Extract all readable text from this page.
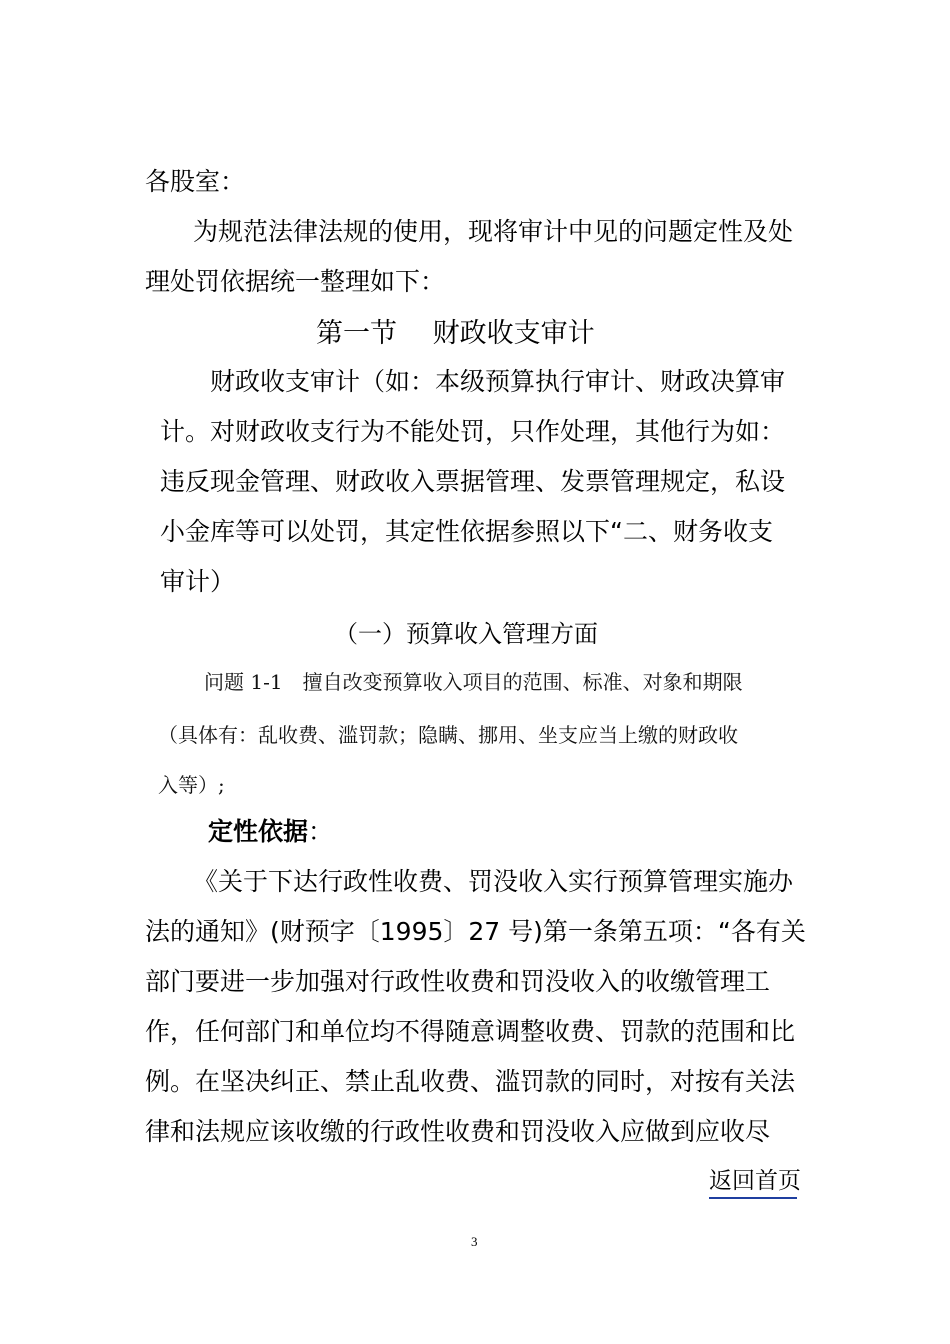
各股室：
为规范法律法规的使用，现将审计中见的问题定性及处
理处罚依据统一整理如下：
第一节　 财政收支审计
财政收支审计（如：本级预算执行审计、财政决算审
计。对财政收支行为不能处罚，只作处理，其他行为如：
违反现金管理、财政收入票据管理、发票管理规定，私设
小金库等可以处罚，其定性依据参照以下“二、财务收支
审计）
（一）预算收入管理方面
问题 1-1　擅自改变预算收入项目的范围、标准、对象和期限
（具体有：乱收费、滥罚款；隐瞒、挪用、坐支应当上缴的财政收
入等）;
定性依据：
《关于下达行政性收费、罚没收入实行预算管理实施办
法的通知》(财预字〔1995〕27 号)第一条第五项：“各有关
部门要进一步加强对行政性收费和罚没收入的收缴管理工
作，任何部门和单位均不得随意调整收费、罚款的范围和比
例。在坚决纠正、禁止乱收费、滥罚款的同时，对按有关法
律和法规应该收缴的行政性收费和罚没收入应做到应收尽
返回首页
3
